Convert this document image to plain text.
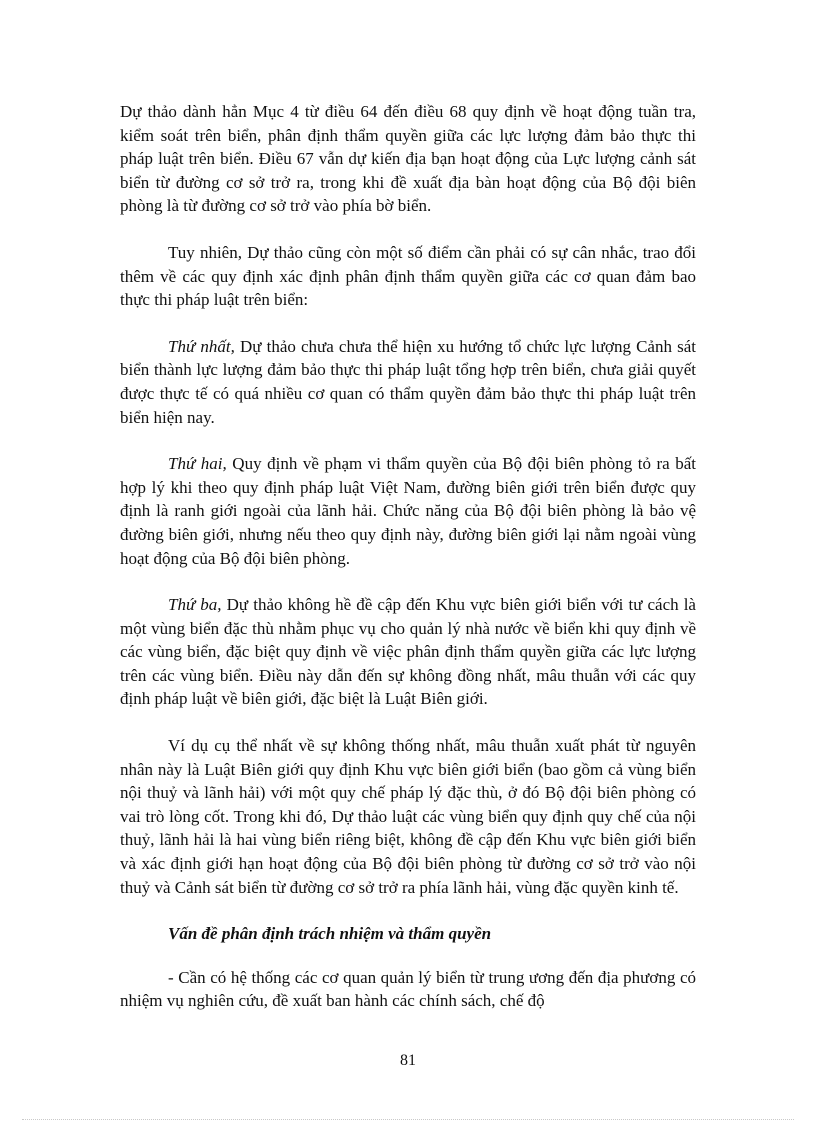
Dự thảo dành hẳn Mục 4 từ điều 64 đến điều 68 quy định về hoạt động tuần tra, kiểm soát trên biển, phân định thẩm quyền giữa các lực lượng đảm bảo thực thi pháp luật trên biển. Điều 67 vẫn dự kiến địa bạn hoạt động của Lực lượng cảnh sát biển từ đường cơ sở trở ra, trong khi đề xuất địa bàn hoạt động của Bộ đội biên phòng là từ đường cơ sở trở vào phía bờ biển.

Tuy nhiên, Dự thảo cũng còn một số điểm cần phải có sự cân nhắc, trao đổi thêm về các quy định xác định phân định thẩm quyền giữa các cơ quan đảm bao thực thi pháp luật trên biển:

Thứ nhất, Dự thảo chưa chưa thể hiện xu hướng tổ chức lực lượng Cảnh sát biển thành lực lượng đảm bảo thực thi pháp luật tổng hợp trên biển, chưa giải quyết được thực tế có quá nhiều cơ quan có thẩm quyền đảm bảo thực thi pháp luật trên biển hiện nay.

Thứ hai, Quy định về phạm vi thẩm quyền của Bộ đội biên phòng tỏ ra bất hợp lý khi theo quy định pháp luật Việt Nam, đường biên giới trên biển được quy định là ranh giới ngoài của lãnh hải. Chức năng của Bộ đội biên phòng là bảo vệ đường biên giới, nhưng nếu theo quy định này, đường biên giới lại nằm ngoài vùng hoạt động của Bộ đội biên phòng.

Thứ ba, Dự thảo không hề đề cập đến Khu vực biên giới biển với tư cách là một vùng biển đặc thù nhằm phục vụ cho quản lý nhà nước về biển khi quy định về các vùng biển, đặc biệt quy định về việc phân định thẩm quyền giữa các lực lượng trên các vùng biển. Điều này dẫn đến sự không đồng nhất, mâu thuẫn với các quy định pháp luật về biên giới, đặc biệt là Luật Biên giới.

Ví dụ cụ thể nhất về sự không thống nhất, mâu thuẫn xuất phát từ nguyên nhân này là Luật Biên giới quy định Khu vực biên giới biển (bao gồm cả vùng biển nội thuỷ và lãnh hải) với một quy chế pháp lý đặc thù, ở đó Bộ đội biên phòng có vai trò lòng cốt. Trong khi đó, Dự thảo luật các vùng biển quy định quy chế của nội thuỷ, lãnh hải là hai vùng biển riêng biệt, không đề cập đến Khu vực biên giới biển và xác định giới hạn hoạt động của Bộ đội biên phòng từ đường cơ sở trở vào nội thuỷ và Cảnh sát biển từ đường cơ sở trở ra phía lãnh hải, vùng đặc quyền kinh tế.

Vấn đề phân định trách nhiệm và thẩm quyền

- Cần có hệ thống các cơ quan quản lý biển từ trung ương đến địa phương có nhiệm vụ nghiên cứu, đề xuất ban hành các chính sách, chế độ

81
